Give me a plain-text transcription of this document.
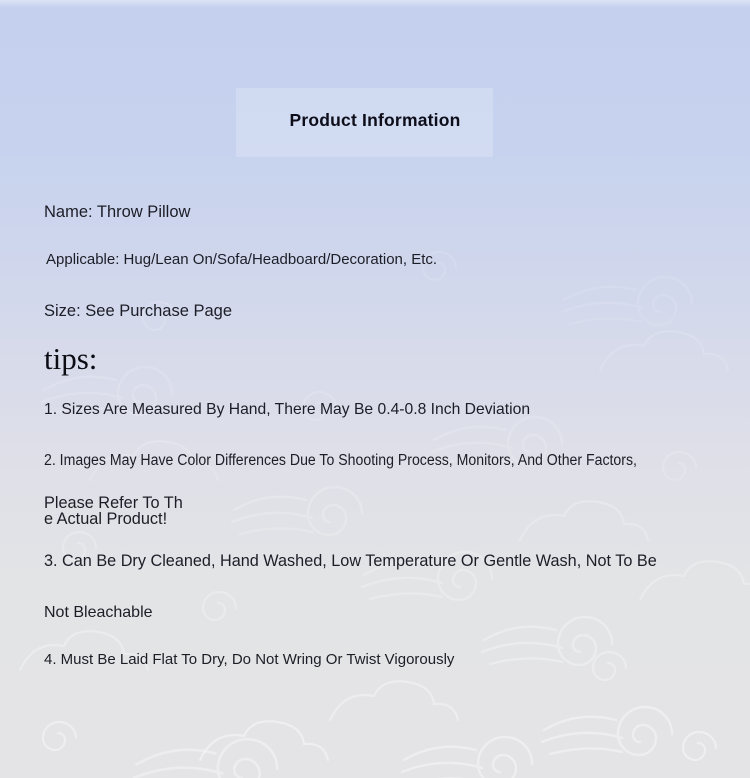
Product Information
Name: Throw Pillow
Applicable: Hug/Lean On/Sofa/Headboard/Decoration, Etc.
Size: See Purchase Page
tips:
1. Sizes Are Measured By Hand, There May Be 0.4-0.8 Inch Deviation
2. Images May Have Color Differences Due To Shooting Process, Monitors, And Other Factors,
Please Refer To Th
e Actual Product!
3. Can Be Dry Cleaned, Hand Washed, Low Temperature Or Gentle Wash, Not To Be
Not Bleachable
4. Must Be Laid Flat To Dry, Do Not Wring Or Twist Vigorously
